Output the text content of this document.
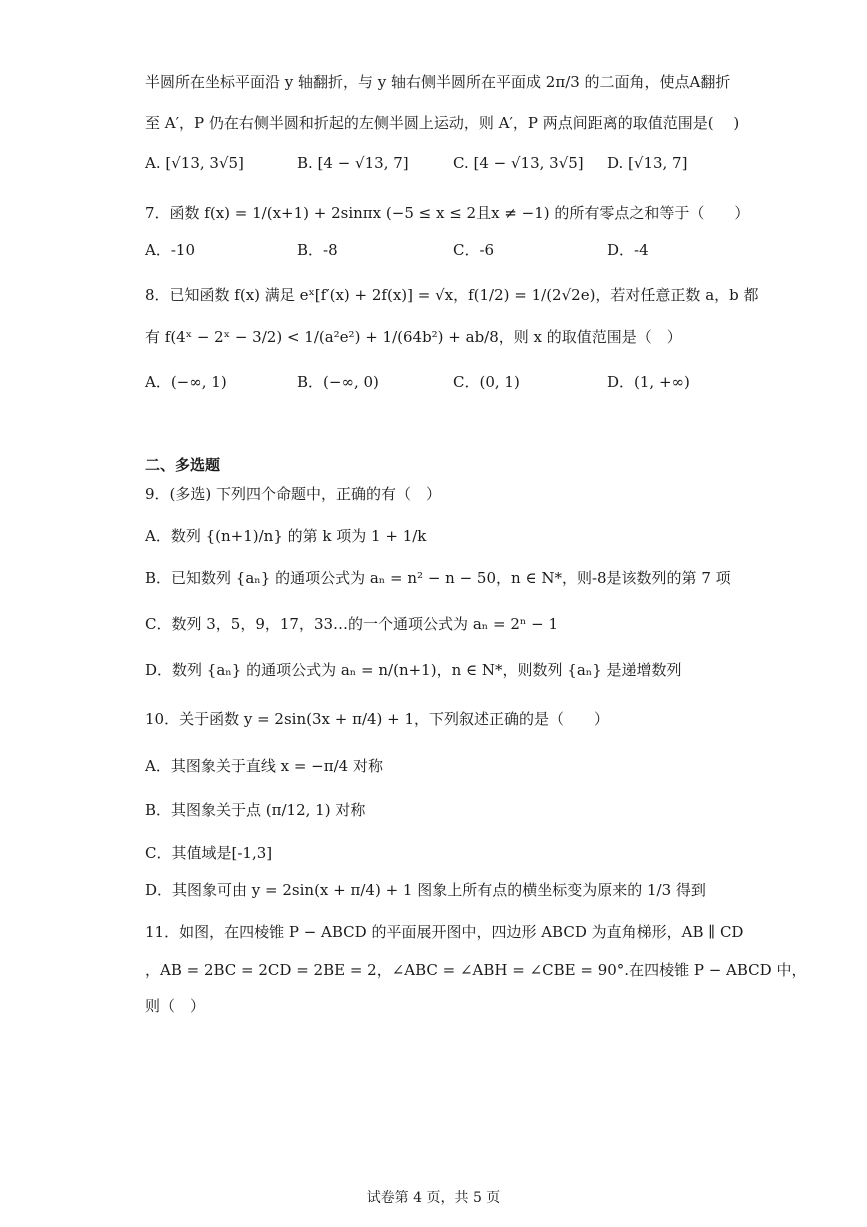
半圆所在坐标平面沿 y 轴翻折，与 y 轴右侧半圆所在平面成 2π/3 的二面角，使点A翻折
至 A′，P 仍在右侧半圆和折起的左侧半圆上运动，则 A′，P 两点间距离的取值范围是(　 )
A. [√13, 3√5]	B. [4 − √13, 7]	C. [4 − √13, 3√5] D. [√13, 7]
7．函数 f(x) = 1/(x+1) + 2sinπx (−5 ≤ x ≤ 2且x ≠ −1) 的所有零点之和等于（　　）
A．-10	B．-8	C．-6	D．-4
8．已知函数 f(x) 满足 eˣ[f′(x) + 2f(x)] = √x，f(1/2) = 1/(2√2e)，若对任意正数 a，b 都
有 f(4ˣ − 2ˣ − 3/2) < 1/(a²e²) + 1/(64b²) + ab/8，则 x 的取值范围是（　）
A．(−∞, 1)	B．(−∞, 0)	C．(0, 1)	D．(1, +∞)
二、多选题
9．(多选) 下列四个命题中，正确的有（　）
A．数列 {(n+1)/n} 的第 k 项为 1 + 1/k
B．已知数列 {aₙ} 的通项公式为 aₙ = n² − n − 50，n ∈ N*，则-8是该数列的第 7 项
C．数列 3，5，9，17，33…的一个通项公式为 aₙ = 2ⁿ − 1
D．数列 {aₙ} 的通项公式为 aₙ = n/(n+1)，n ∈ N*，则数列 {aₙ} 是递增数列
10．关于函数 y = 2sin(3x + π/4) + 1，下列叙述正确的是（　　）
A．其图象关于直线 x = −π/4 对称
B．其图象关于点 (π/12, 1) 对称
C．其值域是[-1,3]
D．其图象可由 y = 2sin(x + π/4) + 1 图象上所有点的横坐标变为原来的 1/3 得到
11．如图，在四棱锥 P − ABCD 的平面展开图中，四边形 ABCD 为直角梯形，AB ∥ CD
，AB = 2BC = 2CD = 2BE = 2，∠ABC = ∠ABH = ∠CBE = 90°.在四棱锥 P − ABCD 中，
则（　）
试卷第 4 页，共 5 页
